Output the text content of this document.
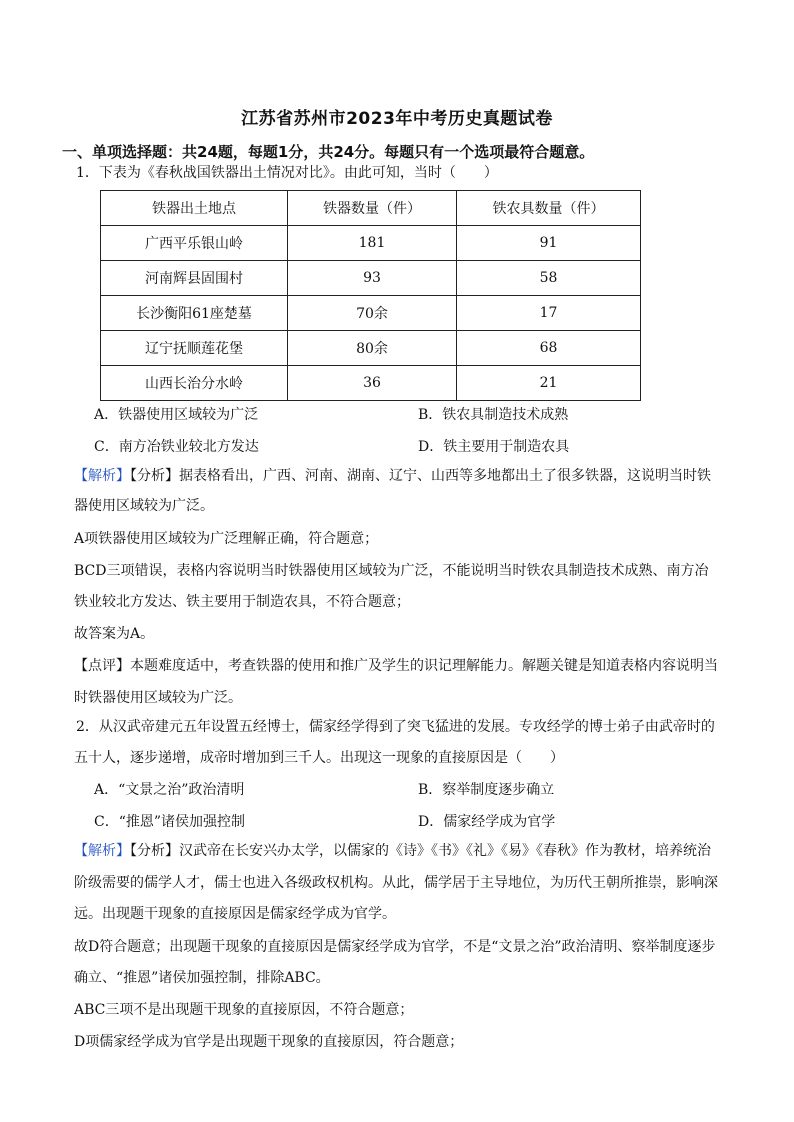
江苏省苏州市2023年中考历史真题试卷
一、单项选择题：共24题，每题1分，共24分。每题只有一个选项最符合题意。
1．下表为《春秋战国铁器出土情况对比》。由此可知，当时（　　）
铁器出土地点	铁器数量（件）	铁农具数量（件）
广西平乐银山岭	181	91
河南辉县固围村	93	58
长沙衡阳61座楚墓	70余	17
辽宁抚顺莲花堡	80余	68
山西长治分水岭	36	21
A．铁器使用区域较为广泛	B．铁农具制造技术成熟
C．南方冶铁业较北方发达	D．铁主要用于制造农具
【解析】【分析】据表格看出，广西、河南、湖南、辽宁、山西等多地都出土了很多铁器，这说明当时铁
器使用区域较为广泛。
A项铁器使用区域较为广泛理解正确，符合题意；
BCD三项错误，表格内容说明当时铁器使用区域较为广泛，不能说明当时铁农具制造技术成熟、南方冶
铁业较北方发达、铁主要用于制造农具，不符合题意；
故答案为A。
【点评】本题难度适中，考查铁器的使用和推广及学生的识记理解能力。解题关键是知道表格内容说明当
时铁器使用区域较为广泛。
2．从汉武帝建元五年设置五经博士，儒家经学得到了突飞猛进的发展。专攻经学的博士弟子由武帝时的
五十人，逐步递增，成帝时增加到三千人。出现这一现象的直接原因是（　　）
A．“文景之治”政治清明	B．察举制度逐步确立
C．“推恩”诸侯加强控制	D．儒家经学成为官学
【解析】【分析】汉武帝在长安兴办太学，以儒家的《诗》《书》《礼》《易》《春秋》作为教材，培养统治
阶级需要的儒学人才，儒士也进入各级政权机构。从此，儒学居于主导地位，为历代王朝所推崇，影响深
远。出现题干现象的直接原因是儒家经学成为官学。
故D符合题意；出现题干现象的直接原因是儒家经学成为官学，不是“文景之治”政治清明、察举制度逐步
确立、“推恩”诸侯加强控制，排除ABC。
ABC三项不是出现题干现象的直接原因，不符合题意；
D项儒家经学成为官学是出现题干现象的直接原因，符合题意；
